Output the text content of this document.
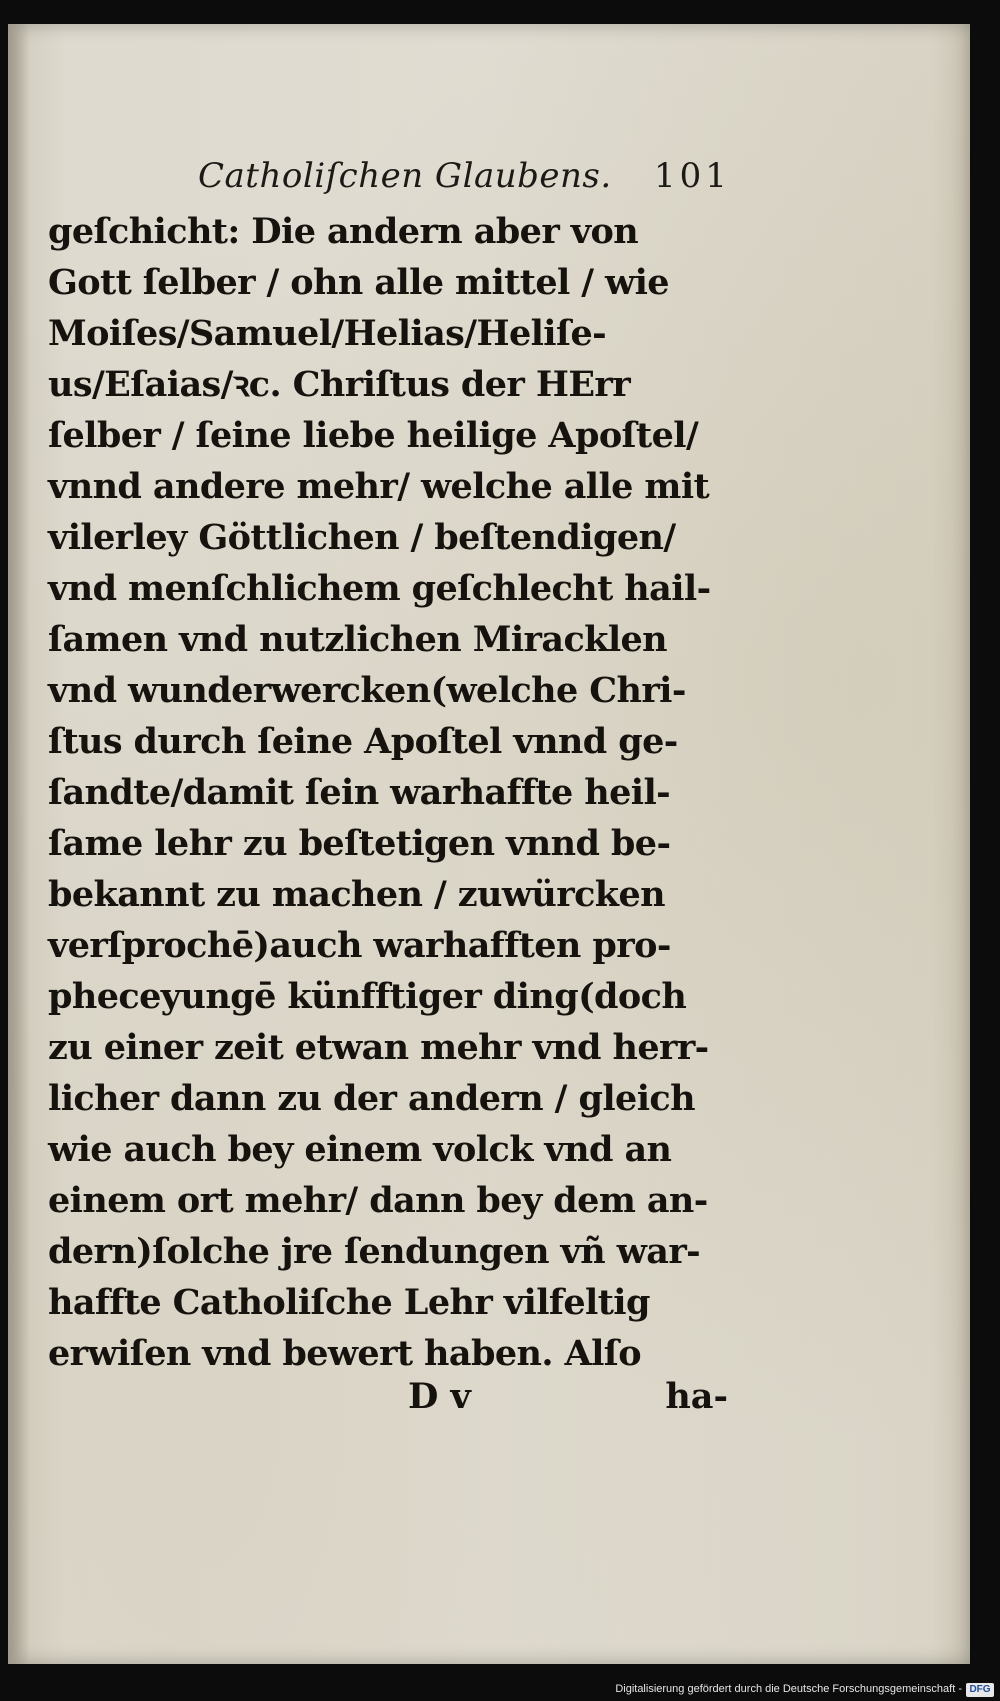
Catholiſchen Glaubens. 101
geſchicht: Die andern aber von
Gott ſelber / ohn alle mittel / wie
Moiſes/Samuel/Helias/Heliſe-
us/Eſaias/ꝛc. Chriſtus der HErr
ſelber / ſeine liebe heilige Apoſtel/
vnnd andere mehr/ welche alle mit
vilerley Göttlichen / beſtendigen/
vnd menſchlichem geſchlecht hail-
ſamen vnd nutzlichen Miracklen
vnd wunderwercken(welche Chri-
ſtus durch ſeine Apoſtel vnnd ge-
ſandte/damit ſein warhaffte heil-
ſame lehr zu beſtetigen vnnd be-
bekannt zu machen / zuwürcken
verſprochē)auch warhafften pro-
pheceyungē künfftiger ding(doch
zu einer zeit etwan mehr vnd herr-
licher dann zu der andern / gleich
wie auch bey einem volck vnd an
einem ort mehr/ dann bey dem an-
dern)ſolche jre ſendungen vñ war-
haffte Catholiſche Lehr vilfeltig
erwiſen vnd bewert haben. Alſo
D v	ha-
Digitalisierung gefördert durch die Deutsche Forschungsgemeinschaft - DFG
